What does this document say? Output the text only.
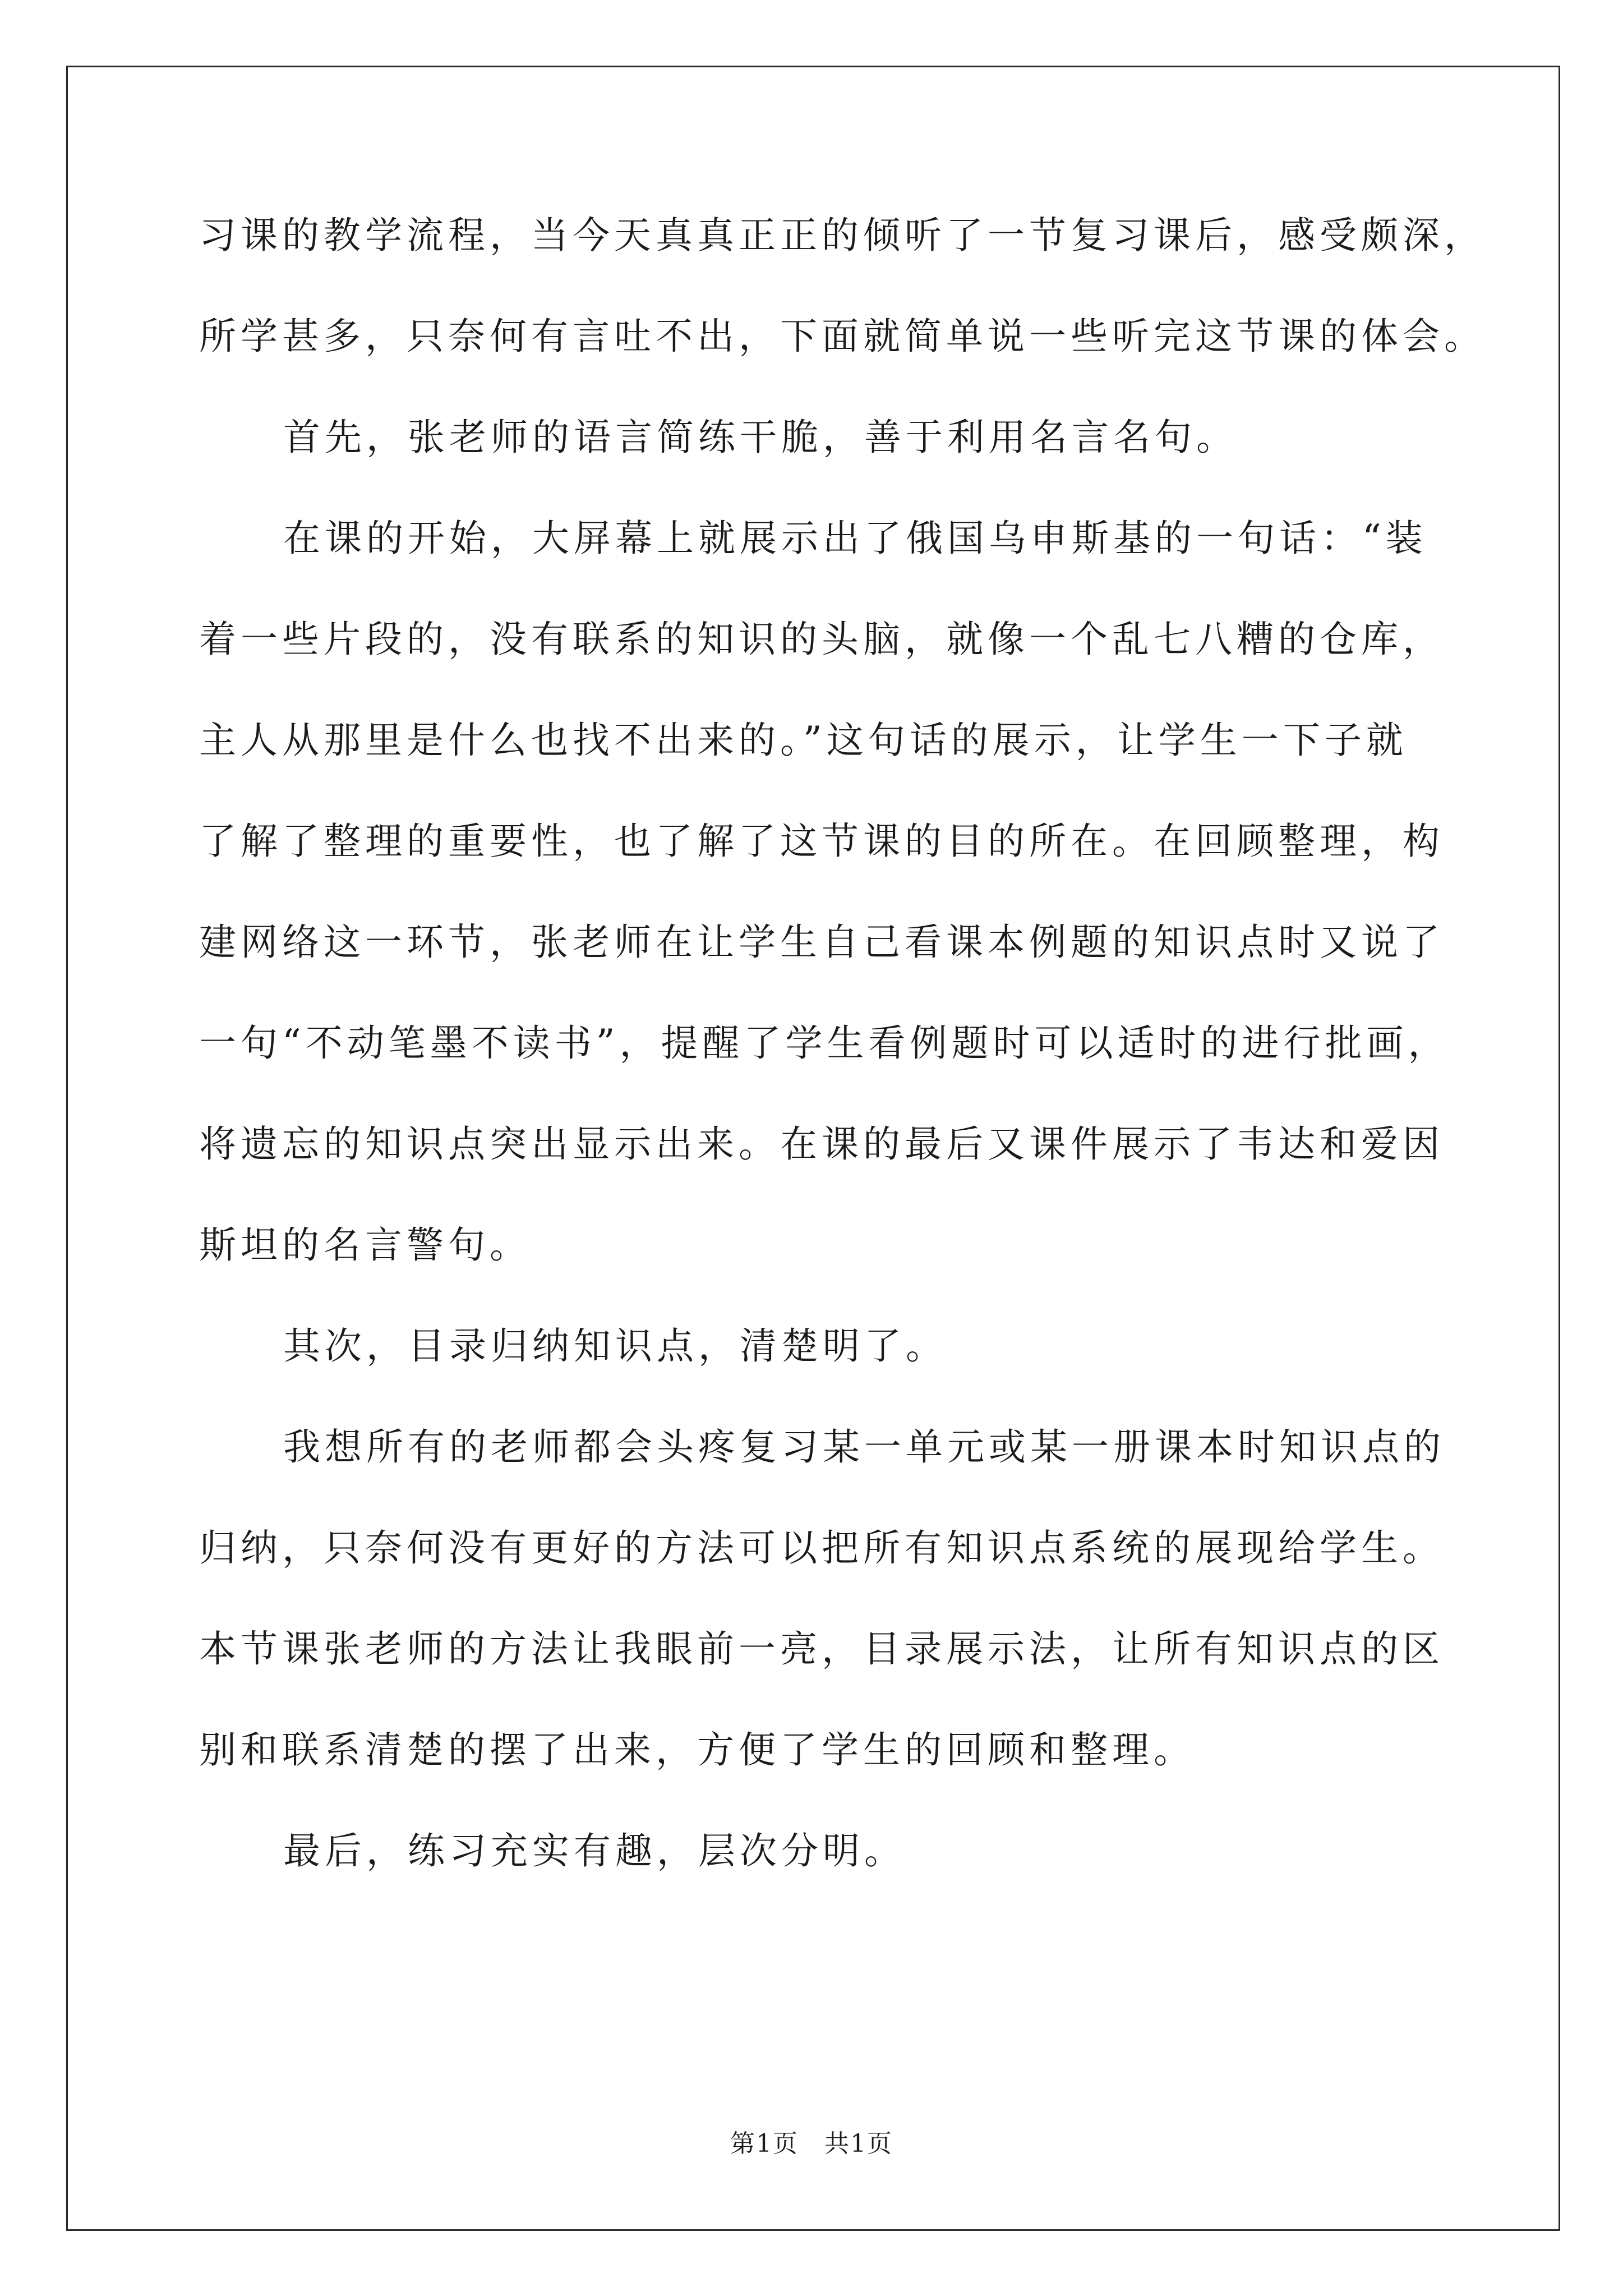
习课的教学流程，当今天真真正正的倾听了一节复习课后，感受颇深，
所学甚多，只奈何有言吐不出，下面就简单说一些听完这节课的体会。
首先，张老师的语言简练干脆，善于利用名言名句。
在课的开始，大屏幕上就展示出了俄国乌申斯基的一句话：“装
着一些片段的，没有联系的知识的头脑，就像一个乱七八糟的仓库，
主人从那里是什么也找不出来的。”这句话的展示，让学生一下子就
了解了整理的重要性，也了解了这节课的目的所在。在回顾整理，构
建网络这一环节，张老师在让学生自己看课本例题的知识点时又说了
一句“不动笔墨不读书”，提醒了学生看例题时可以适时的进行批画，
将遗忘的知识点突出显示出来。在课的最后又课件展示了韦达和爱因
斯坦的名言警句。
其次，目录归纳知识点，清楚明了。
我想所有的老师都会头疼复习某一单元或某一册课本时知识点的
归纳，只奈何没有更好的方法可以把所有知识点系统的展现给学生。
本节课张老师的方法让我眼前一亮，目录展示法，让所有知识点的区
别和联系清楚的摆了出来，方便了学生的回顾和整理。
最后，练习充实有趣，层次分明。
第1页　共1页
